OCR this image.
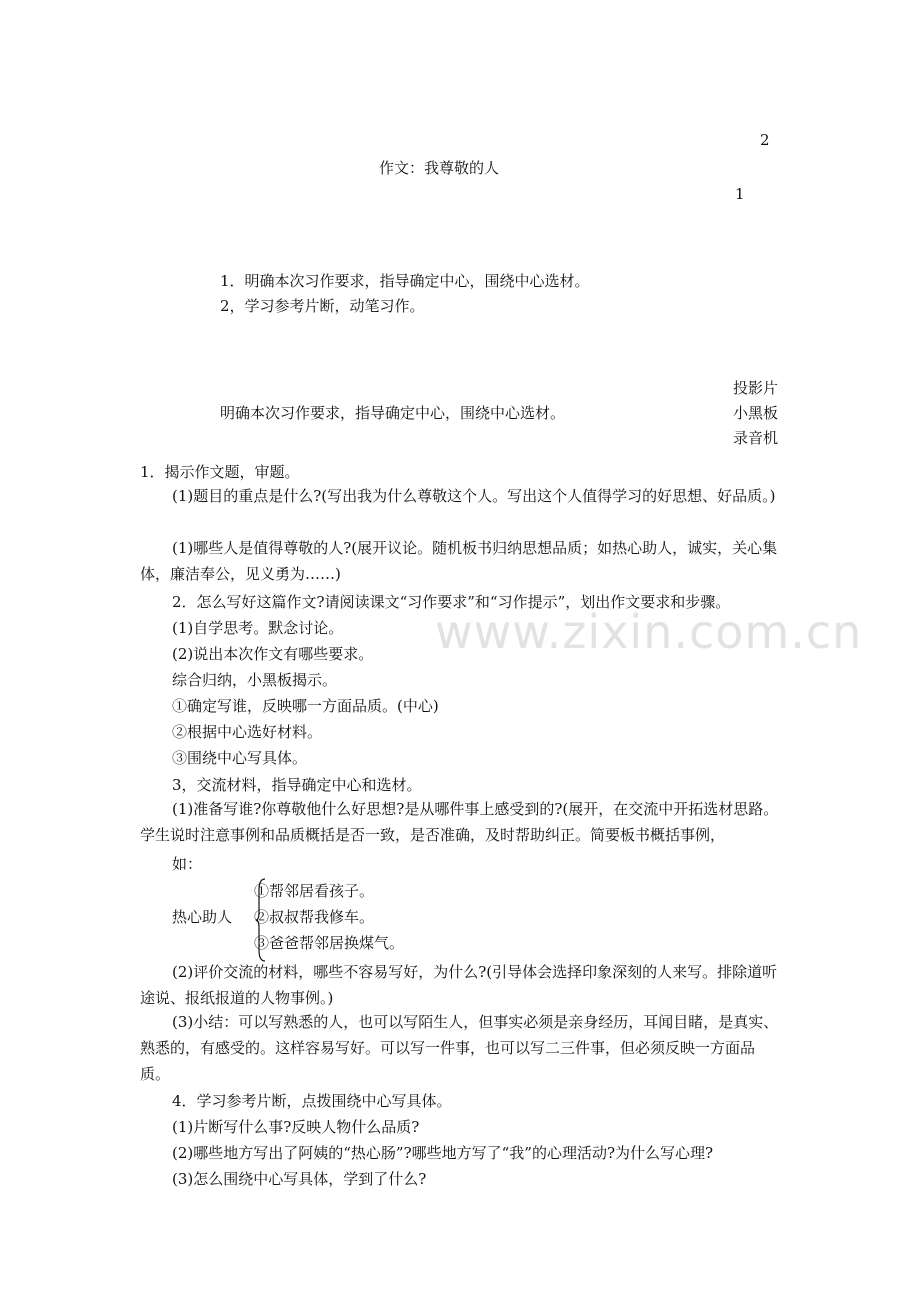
www.zixin.com.cn
2
作文：我尊敬的人
1
1．明确本次习作要求，指导确定中心，围绕中心选材。
2，学习参考片断，动笔习作。
投影片
明确本次习作要求，指导确定中心，围绕中心选材。	小黑板
录音机
1．揭示作文题，审题。
(1)题目的重点是什么?(写出我为什么尊敬这个人。写出这个人值得学习的好思想、好品质。)
(1)哪些人是值得尊敬的人?(展开议论。随机板书归纳思想品质；如热心助人，诚实，关心集体，廉洁奉公，见义勇为……)
2．怎么写好这篇作文?请阅读课文“习作要求”和“习作提示”，划出作文要求和步骤。
(1)自学思考。默念讨论。
(2)说出本次作文有哪些要求。
综合归纳，小黑板揭示。
①确定写谁，反映哪一方面品质。(中心)
②根据中心选好材料。
③围绕中心写具体。
3，交流材料，指导确定中心和选材。
(1)准备写谁?你尊敬他什么好思想?是从哪件事上感受到的?(展开，在交流中开拓选材思路。学生说时注意事例和品质概括是否一致，是否准确，及时帮助纠正。简要板书概括事例，
如：
热心助人
①帮邻居看孩子。
②叔叔帮我修车。
③爸爸帮邻居换煤气。
(2)评价交流的材料，哪些不容易写好，为什么?(引导体会选择印象深刻的人来写。排除道听途说、报纸报道的人物事例。)
(3)小结：可以写熟悉的人，也可以写陌生人，但事实必须是亲身经历，耳闻目睹，是真实、熟悉的，有感受的。这样容易写好。可以写一件事，也可以写二三件事，但必须反映一方面品质。
4．学习参考片断，点拨围绕中心写具体。
(1)片断写什么事?反映人物什么品质?
(2)哪些地方写出了阿姨的“热心肠”?哪些地方写了“我”的心理活动?为什么写心理?
(3)怎么围绕中心写具体，学到了什么?
